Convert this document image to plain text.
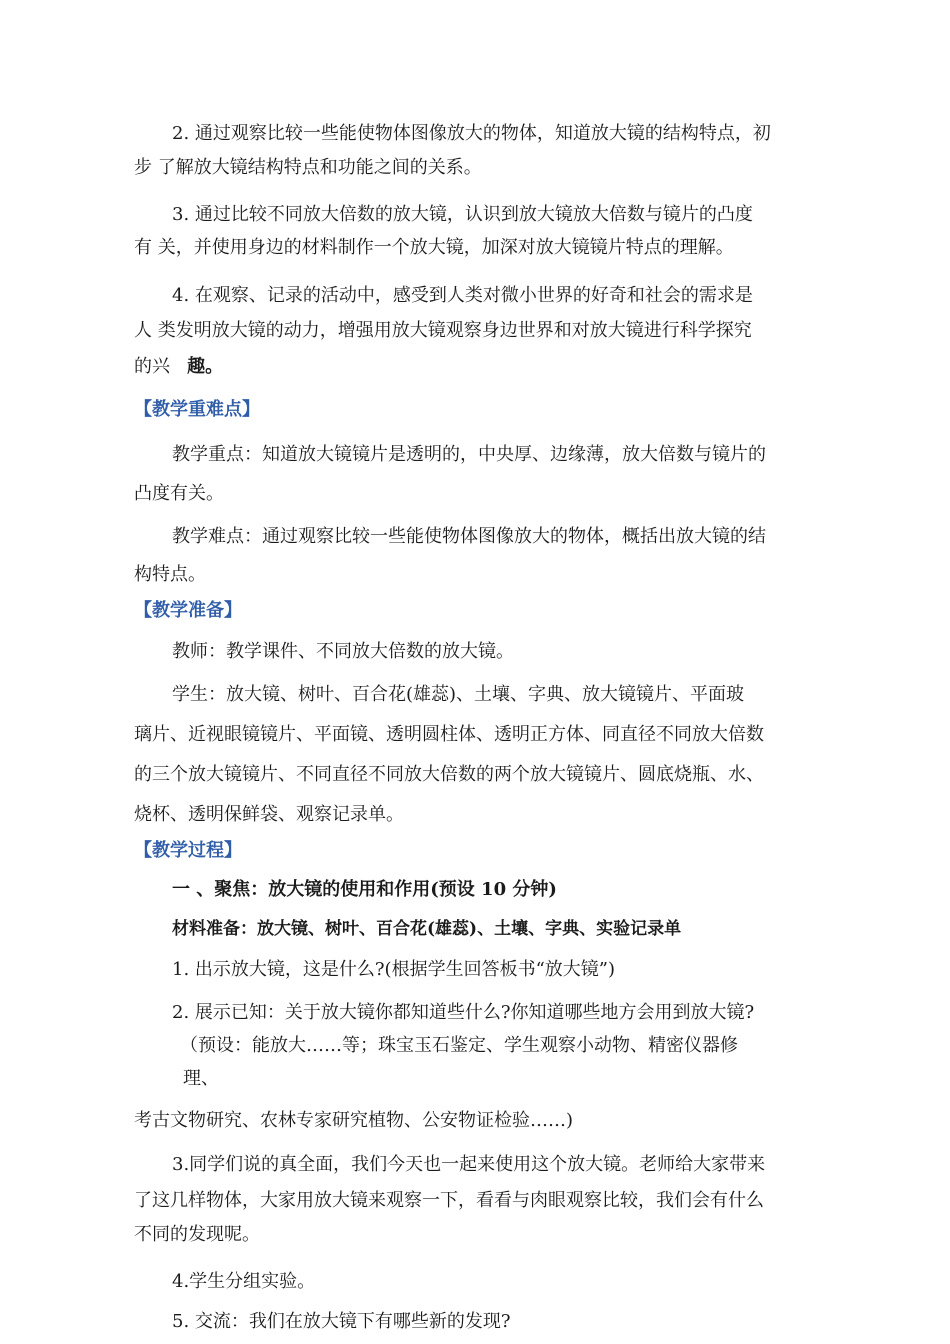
2. 通过观察比较一些能使物体图像放大的物体，知道放大镜的结构特点，初
步 了解放大镜结构特点和功能之间的关系。
3. 通过比较不同放大倍数的放大镜，认识到放大镜放大倍数与镜片的凸度
有 关，并使用身边的材料制作一个放大镜，加深对放大镜镜片特点的理解。
4. 在观察、记录的活动中，感受到人类对微小世界的好奇和社会的需求是
人 类发明放大镜的动力，增强用放大镜观察身边世界和对放大镜进行科学探究
的兴 趣。
【教学重难点】
教学重点：知道放大镜镜片是透明的，中央厚、边缘薄，放大倍数与镜片的
凸度有关。
教学难点：通过观察比较一些能使物体图像放大的物体，概括出放大镜的结
构特点。
【教学准备】
教师：教学课件、不同放大倍数的放大镜。
学生：放大镜、树叶、百合花(雄蕊)、土壤、字典、放大镜镜片、平面玻
璃片、近视眼镜镜片、平面镜、透明圆柱体、透明正方体、同直径不同放大倍数
的三个放大镜镜片、不同直径不同放大倍数的两个放大镜镜片、圆底烧瓶、水、
烧杯、透明保鲜袋、观察记录单。
【教学过程】
一 、聚焦：放大镜的使用和作用(预设 10 分钟)
材料准备：放大镜、树叶、百合花(雄蕊)、土壤、字典、实验记录单
1. 出示放大镜，这是什么?(根据学生回答板书“放大镜”)
2. 展示已知：关于放大镜你都知道些什么?你知道哪些地方会用到放大镜?
（预设：能放大……等；珠宝玉石鉴定、学生观察小动物、精密仪器修
理、
考古文物研究、农林专家研究植物、公安物证检验……)
3.同学们说的真全面，我们今天也一起来使用这个放大镜。老师给大家带来
了这几样物体，大家用放大镜来观察一下，看看与肉眼观察比较，我们会有什么
不同的发现呢。
4.学生分组实验。
5. 交流：我们在放大镜下有哪些新的发现?
